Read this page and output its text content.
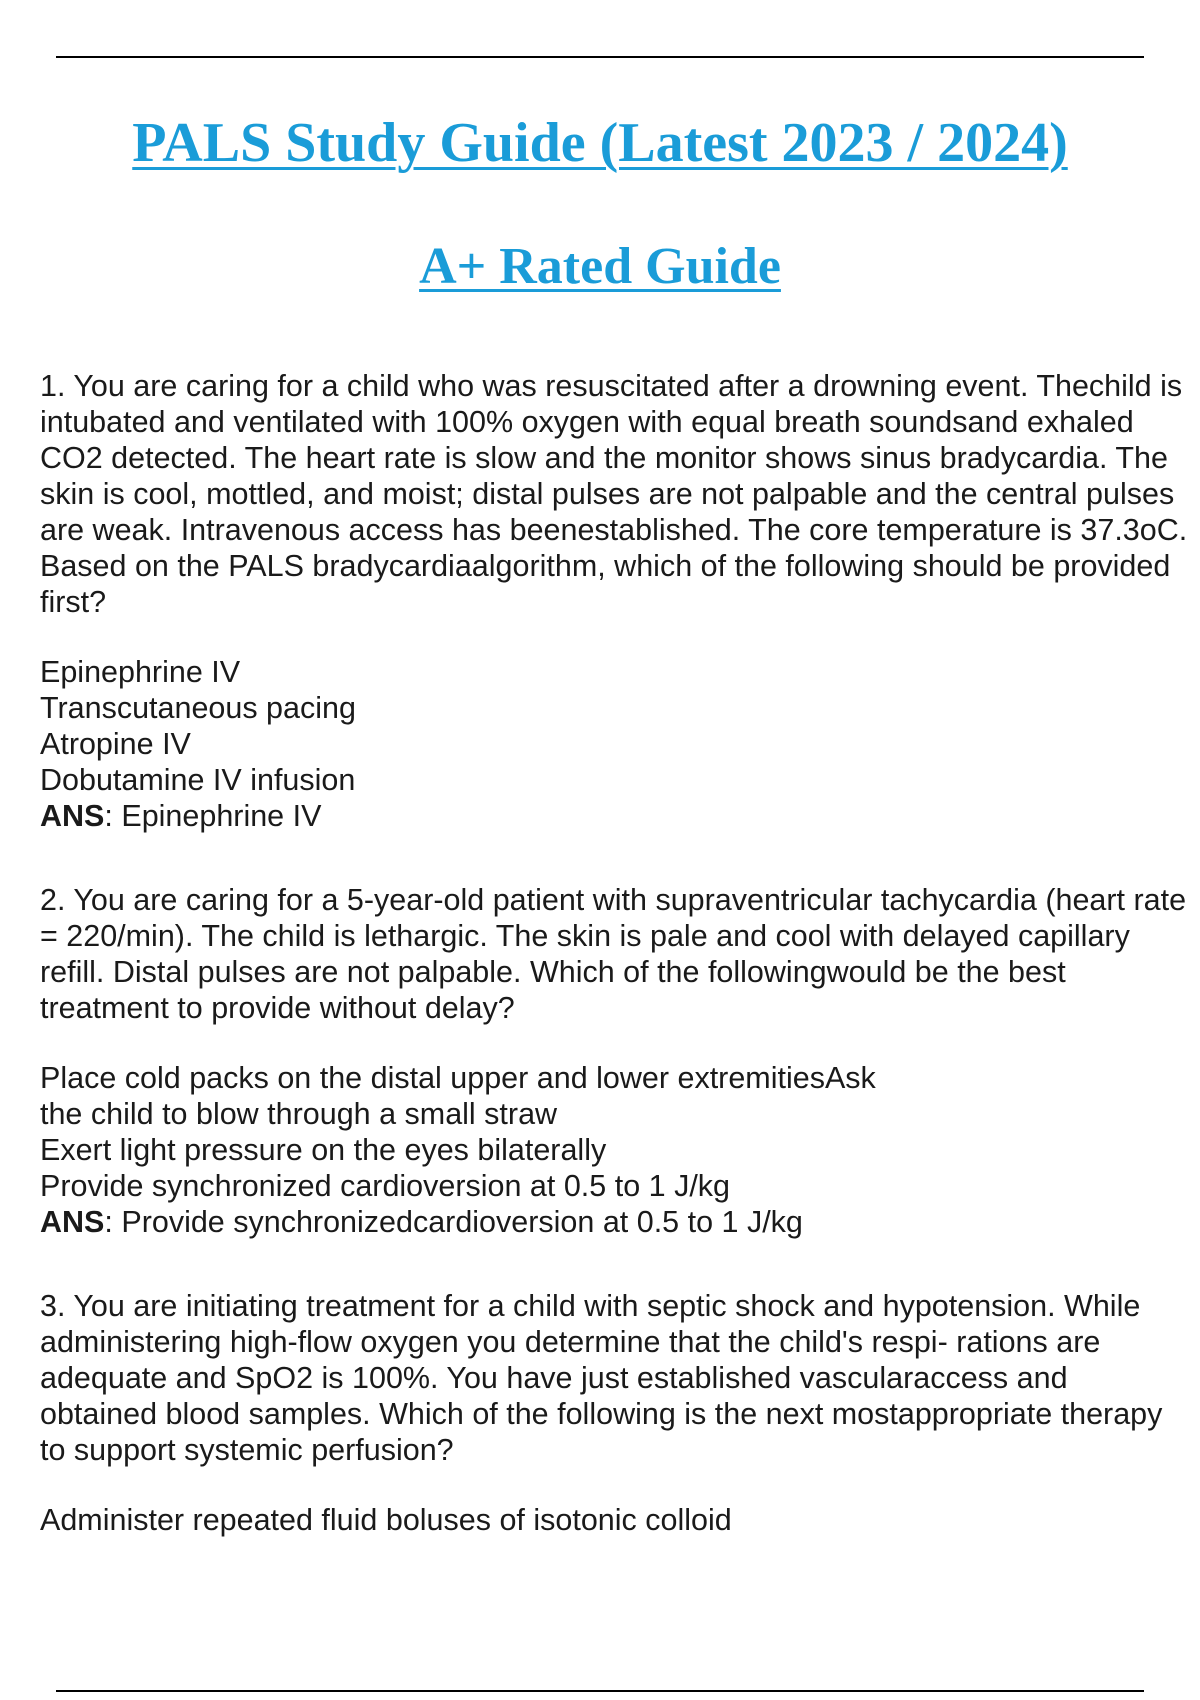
PALS Study Guide (Latest 2023 / 2024)
A+ Rated Guide

1. You are caring for a child who was resuscitated after a drowning event. Thechild is intubated and ventilated with 100% oxygen with equal breath soundsand exhaled CO2 detected. The heart rate is slow and the monitor shows sinus bradycardia. The skin is cool, mottled, and moist; distal pulses are not palpable and the central pulses are weak. Intravenous access has beenestablished. The core temperature is 37.3oC. Based on the PALS bradycardiaalgorithm, which of the following should be provided first?

Epinephrine IV
Transcutaneous pacing
Atropine IV
Dobutamine IV infusion

ANS: Epinephrine IV

2. You are caring for a 5-year-old patient with supraventricular tachycardia (heart rate = 220/min). The child is lethargic. The skin is pale and cool with delayed capillary refill. Distal pulses are not palpable. Which of the followingwould be the best treatment to provide without delay?

Place cold packs on the distal upper and lower extremitiesAsk
the child to blow through a small straw
Exert light pressure on the eyes bilaterally
Provide synchronized cardioversion at 0.5 to 1 J/kg

ANS: Provide synchronizedcardioversion at 0.5 to 1 J/kg

3. You are initiating treatment for a child with septic shock and hypotension. While administering high-flow oxygen you determine that the child's respi- rations are adequate and SpO2 is 100%. You have just established vascularaccess and obtained blood samples. Which of the following is the next mostappropriate therapy to support systemic perfusion?

Administer repeated fluid boluses of isotonic colloid
